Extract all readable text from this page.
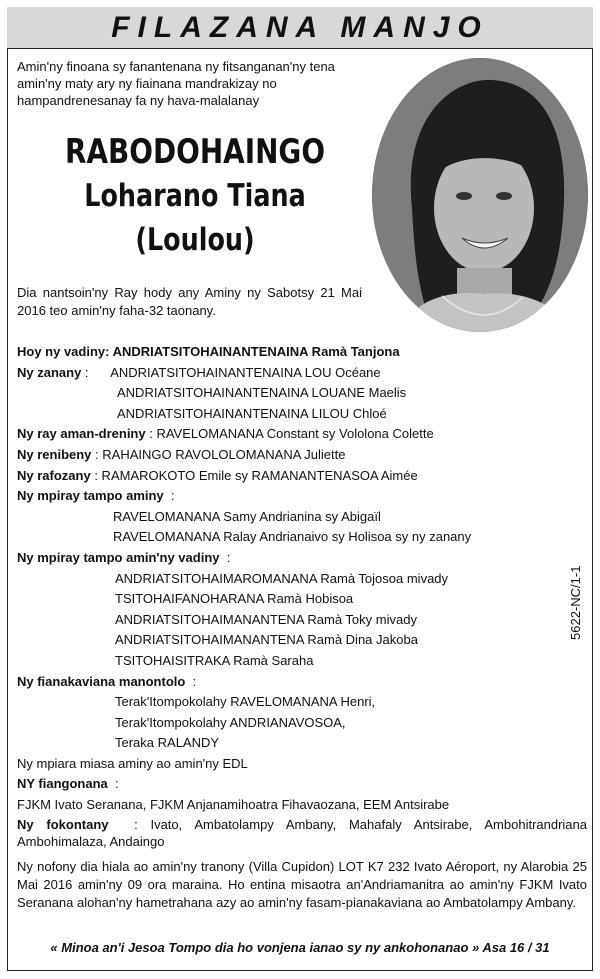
FILAZANA MANJO
Amin'ny finoana sy fanantenana ny fitsanganan'ny tena amin'ny maty ary ny fiainana mandrakizay no hampandrenesanay fa ny hava-malalanay
RABODOHAINGO
Loharano Tiana
(Loulou)
Dia nantsoin'ny Ray hody any Aminy ny Sabotsy 21 Mai 2016 teo amin'ny faha-32 taonany.
Hoy ny vadiny: ANDRIATSITOHAINANTENAINA Ramà Tanjona
Ny zanany :      ANDRIATSITOHAINANTENAINA LOU Océane
ANDRIATSITOHAINANTENAINA LOUANE Maelis
ANDRIATSITOHAINANTENAINA LILOU Chloé
Ny ray aman-dreniny : RAVELOMANANA Constant sy Vololona Colette
Ny renibeny : RAHAINGO RAVOLOLOMANANA Juliette
Ny rafozany : RAMAROKOTO Emile sy RAMANANTENASOA Aimée
Ny mpiray tampo aminy  :
RAVELOMANANA Samy Andrianina sy Abigaïl
RAVELOMANANA Ralay Andrianaivo sy Holisoa sy ny zanany
Ny mpiray tampo amin'ny vadiny  :
ANDRIATSITOHAIMAROMANANA Ramà Tojosoa mivady
TSITOHAIFANOHARANA Ramà Hobisoa
ANDRIATSITOHAIMANANTENA Ramà Toky mivady
ANDRIATSITOHAIMANANTENA Ramà Dina Jakoba
TSITOHAISITRAKA Ramà Saraha
Ny fianakaviana manontolo  :
Terak'Itompokolahy RAVELOMANANA Henri,
Terak'Itompokolahy ANDRIANAVOSOA,
Teraka RALANDY
Ny mpiara miasa aminy ao amin'ny EDL
NY fiangonana  :
FJKM Ivato Seranana, FJKM Anjanamihoatra Fihavaozana, EEM Antsirabe
Ny fokontany : Ivato, Ambatolampy Ambany, Mahafaly Antsirabe, Ambohitrandriana Ambohimalaza, Andaingo
Ny nofony dia hiala ao amin'ny tranony (Villa Cupidon) LOT K7 232 Ivato Aéroport, ny Alarobia 25 Mai 2016 amin'ny 09 ora maraina. Ho entina misaotra an'Andriamanitra ao amin'ny FJKM Ivato Seranana alohan'ny hametrahana azy ao amin'ny fasam-pianakaviana ao Ambatolampy Ambany.
« Minoa an'i Jesoa Tompo dia ho vonjena ianao sy ny ankohonanao » Asa 16 / 31
5622-NC/1-1
